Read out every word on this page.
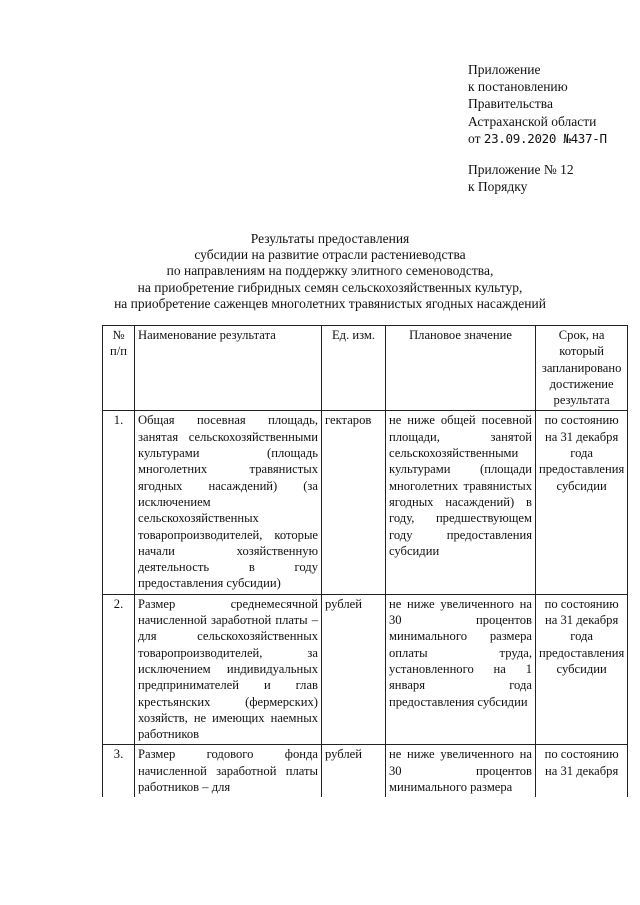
Приложение
к постановлению
Правительства
Астраханской области
от 23.09.2020 №437-П
Приложение № 12
к Порядку
Результаты предоставления
субсидии на развитие отрасли растениеводства
по направлениям на поддержку элитного семеноводства,
на приобретение гибридных семян сельскохозяйственных культур,
на приобретение саженцев многолетних травянистых ягодных насаждений
№ п/п	Наименование результата	Ед. изм.	Плановое значение	Срок, на который запланировано достижение результата
1.	Общая посевная площадь, занятая сельскохозяйственными культурами (площадь многолетних травянистых ягодных насаждений) (за исключением сельскохозяйственных товаропроизводителей, которые начали хозяйственную деятельность в году предоставления субсидии)	гектаров	не ниже общей посевной площади, занятой сельскохозяйственными культурами (площади многолетних травянистых ягодных насаждений) в году, предшествующем году предоставления субсидии	по состоянию на 31 декабря года предоставления субсидии
2.	Размер среднемесячной начисленной заработной платы – для сельскохозяйственных товаропроизводителей, за исключением индивидуальных предпринимателей и глав крестьянских (фермерских) хозяйств, не имеющих наемных работников	рублей	не ниже увеличенного на 30 процентов минимального размера оплаты труда, установленного на 1 января года предоставления субсидии	по состоянию на 31 декабря года предоставления субсидии
3.	Размер годового фонда начисленной заработной платы работников – для	рублей	не ниже увеличенного на 30 процентов минимального размера	по состоянию на 31 декабря
